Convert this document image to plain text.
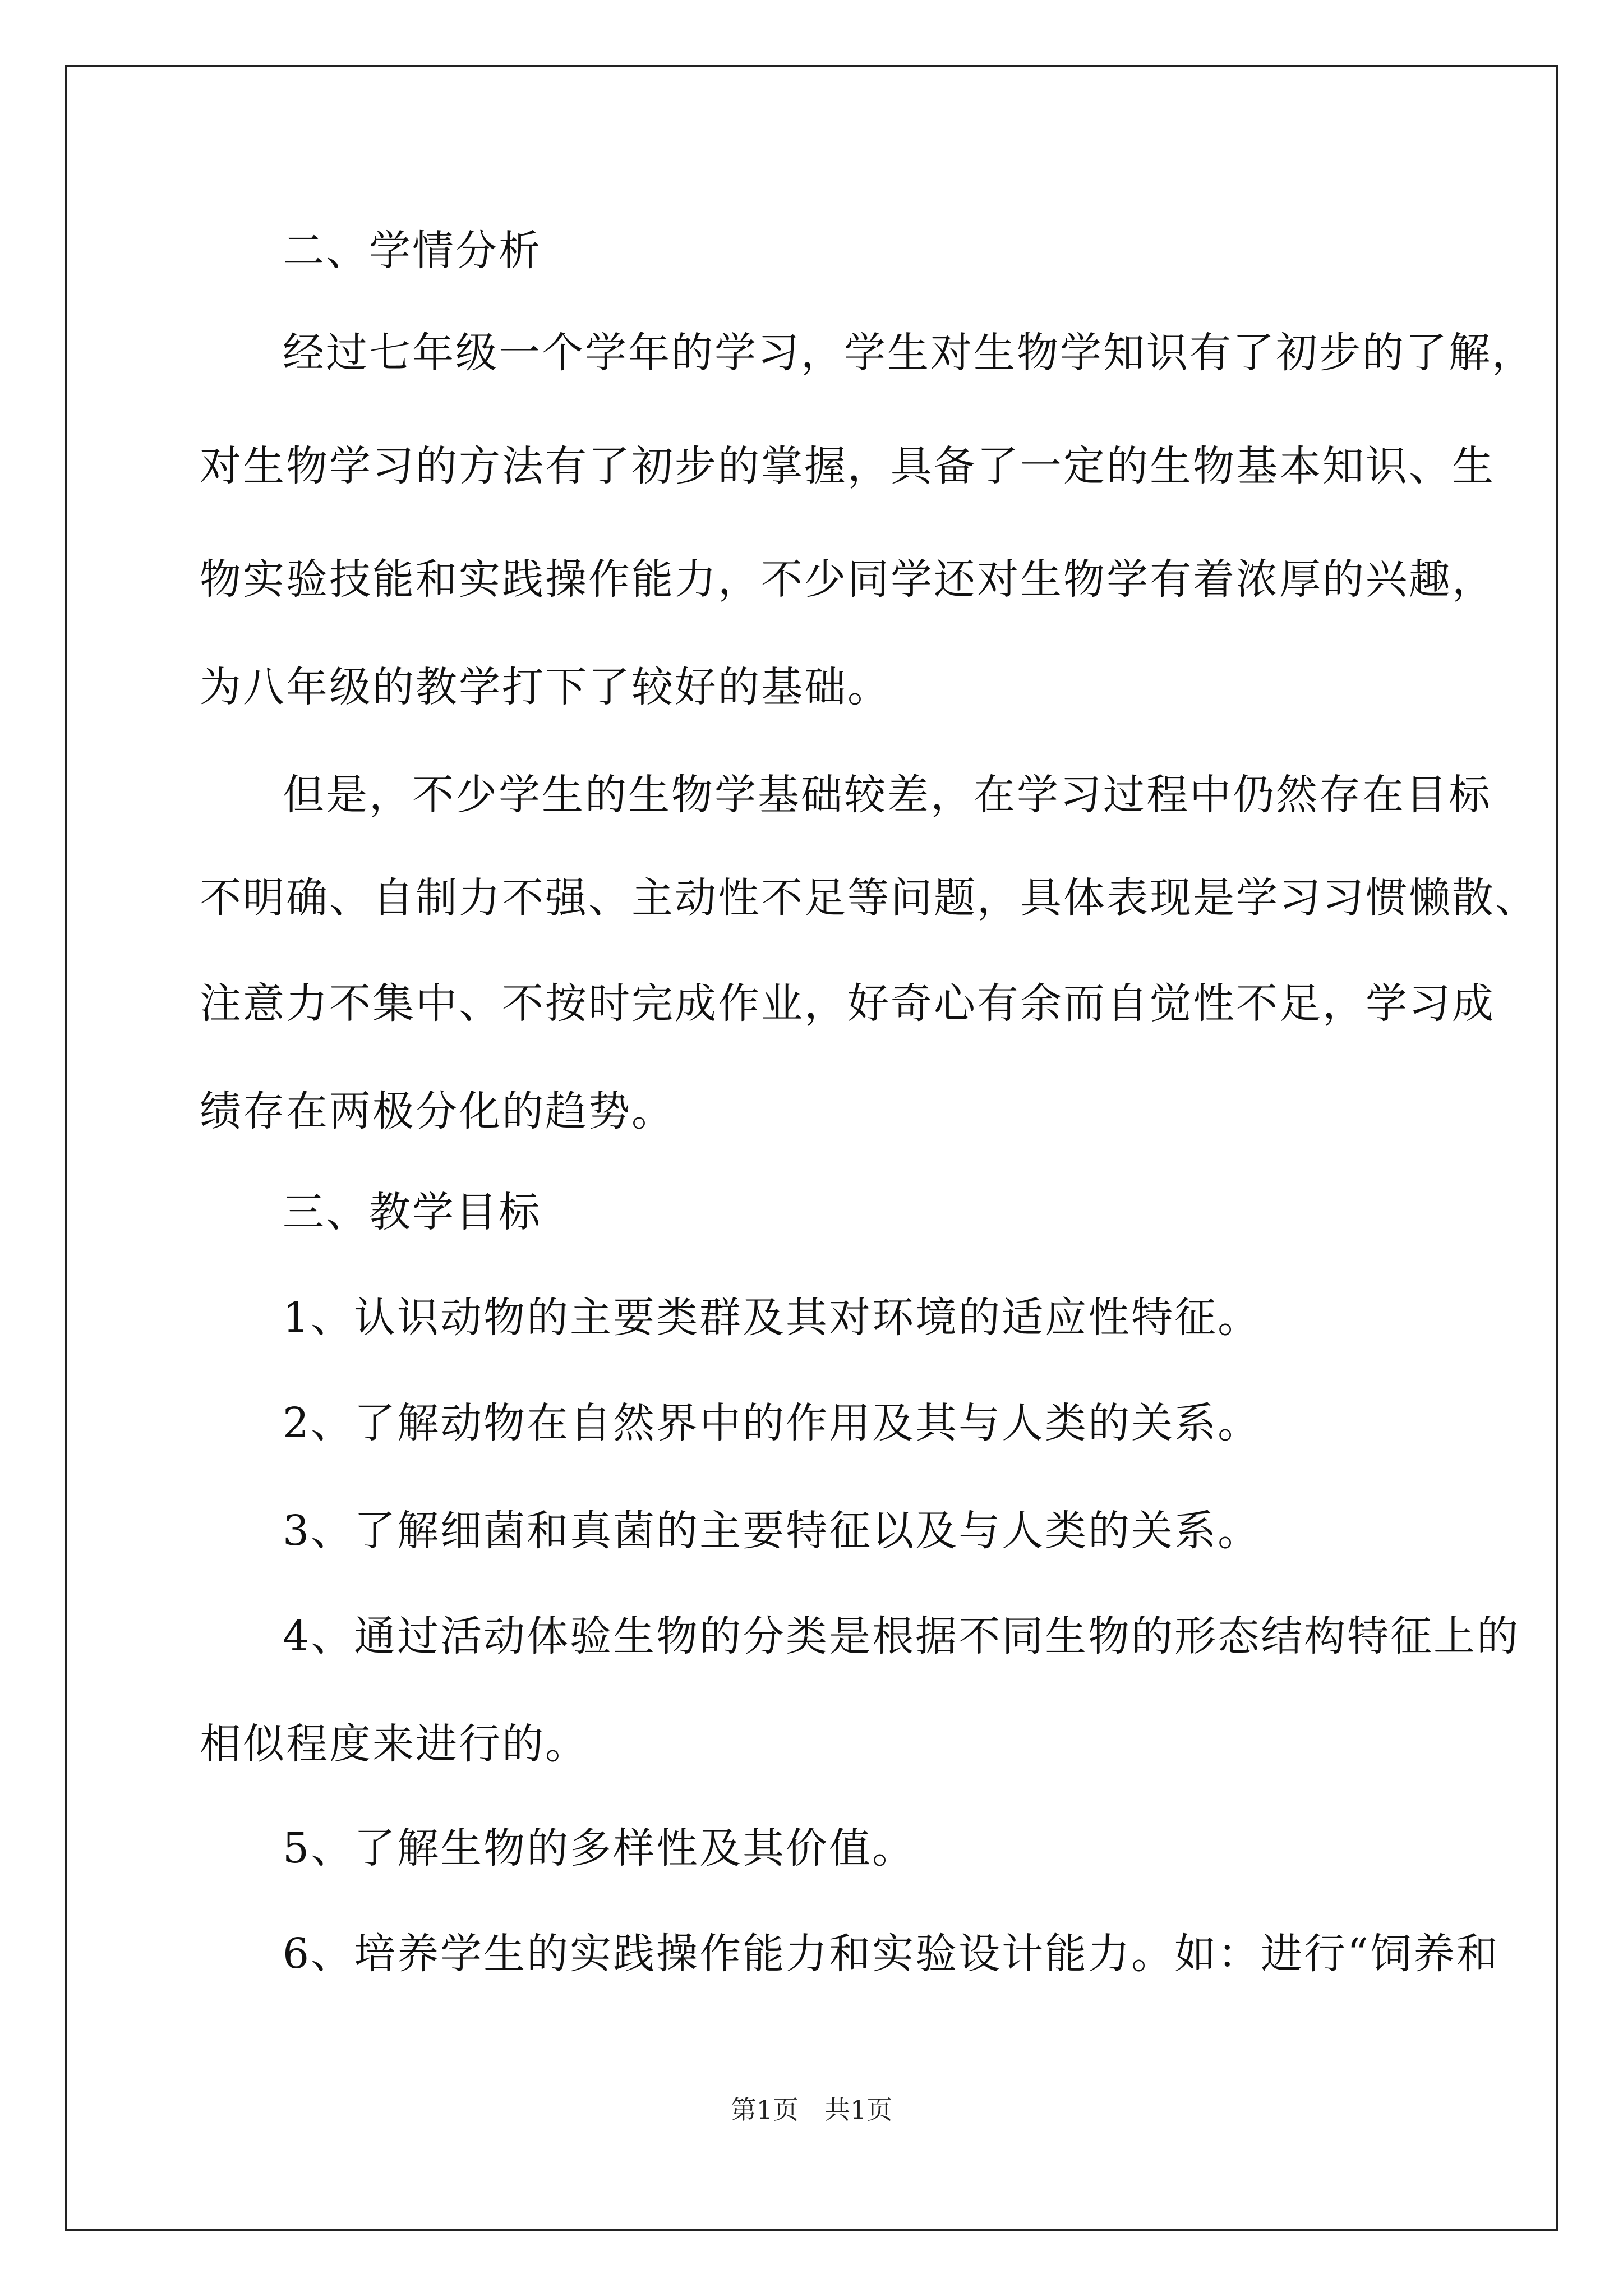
二、学情分析
经过七年级一个学年的学习，学生对生物学知识有了初步的了解，
对生物学习的方法有了初步的掌握，具备了一定的生物基本知识、生
物实验技能和实践操作能力，不少同学还对生物学有着浓厚的兴趣，
为八年级的教学打下了较好的基础。
但是，不少学生的生物学基础较差，在学习过程中仍然存在目标
不明确、自制力不强、主动性不足等问题，具体表现是学习习惯懒散、
注意力不集中、不按时完成作业，好奇心有余而自觉性不足，学习成
绩存在两极分化的趋势。
三、教学目标
1、认识动物的主要类群及其对环境的适应性特征。
2、了解动物在自然界中的作用及其与人类的关系。
3、了解细菌和真菌的主要特征以及与人类的关系。
4、通过活动体验生物的分类是根据不同生物的形态结构特征上的
相似程度来进行的。
5、了解生物的多样性及其价值。
6、培养学生的实践操作能力和实验设计能力。如：进行“饲养和
第1页　共1页
